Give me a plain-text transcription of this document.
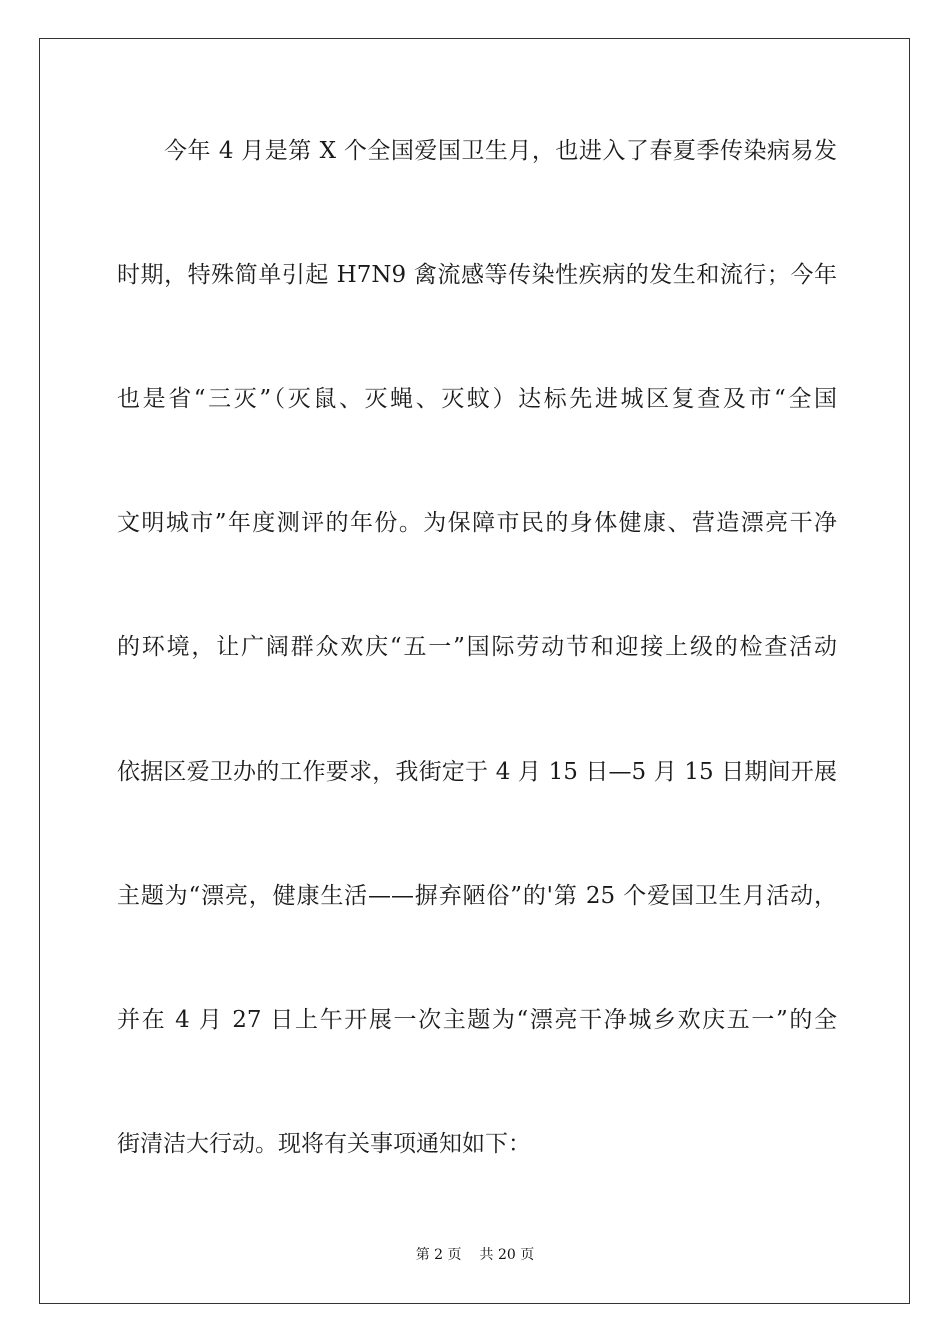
今年 4 月是第 X 个全国爱国卫生月，也进入了春夏季传染病易发
时期，特殊简单引起 H7N9 禽流感等传染性疾病的发生和流行；今年
也是省“三灭”（灭鼠、灭蝇、灭蚊）达标先进城区复查及市“全国
文明城市”年度测评的年份。为保障市民的身体健康、营造漂亮干净
的环境，让广阔群众欢庆“五一”国际劳动节和迎接上级的检查活动
依据区爱卫办的工作要求，我街定于 4 月 15 日—5 月 15 日期间开展
主题为“漂亮，健康生活——摒弃陋俗”的'第 25 个爱国卫生月活动，
并在 4 月 27 日上午开展一次主题为“漂亮干净城乡欢庆五一”的全
街清洁大行动。现将有关事项通知如下：
第 2 页 共 20 页
